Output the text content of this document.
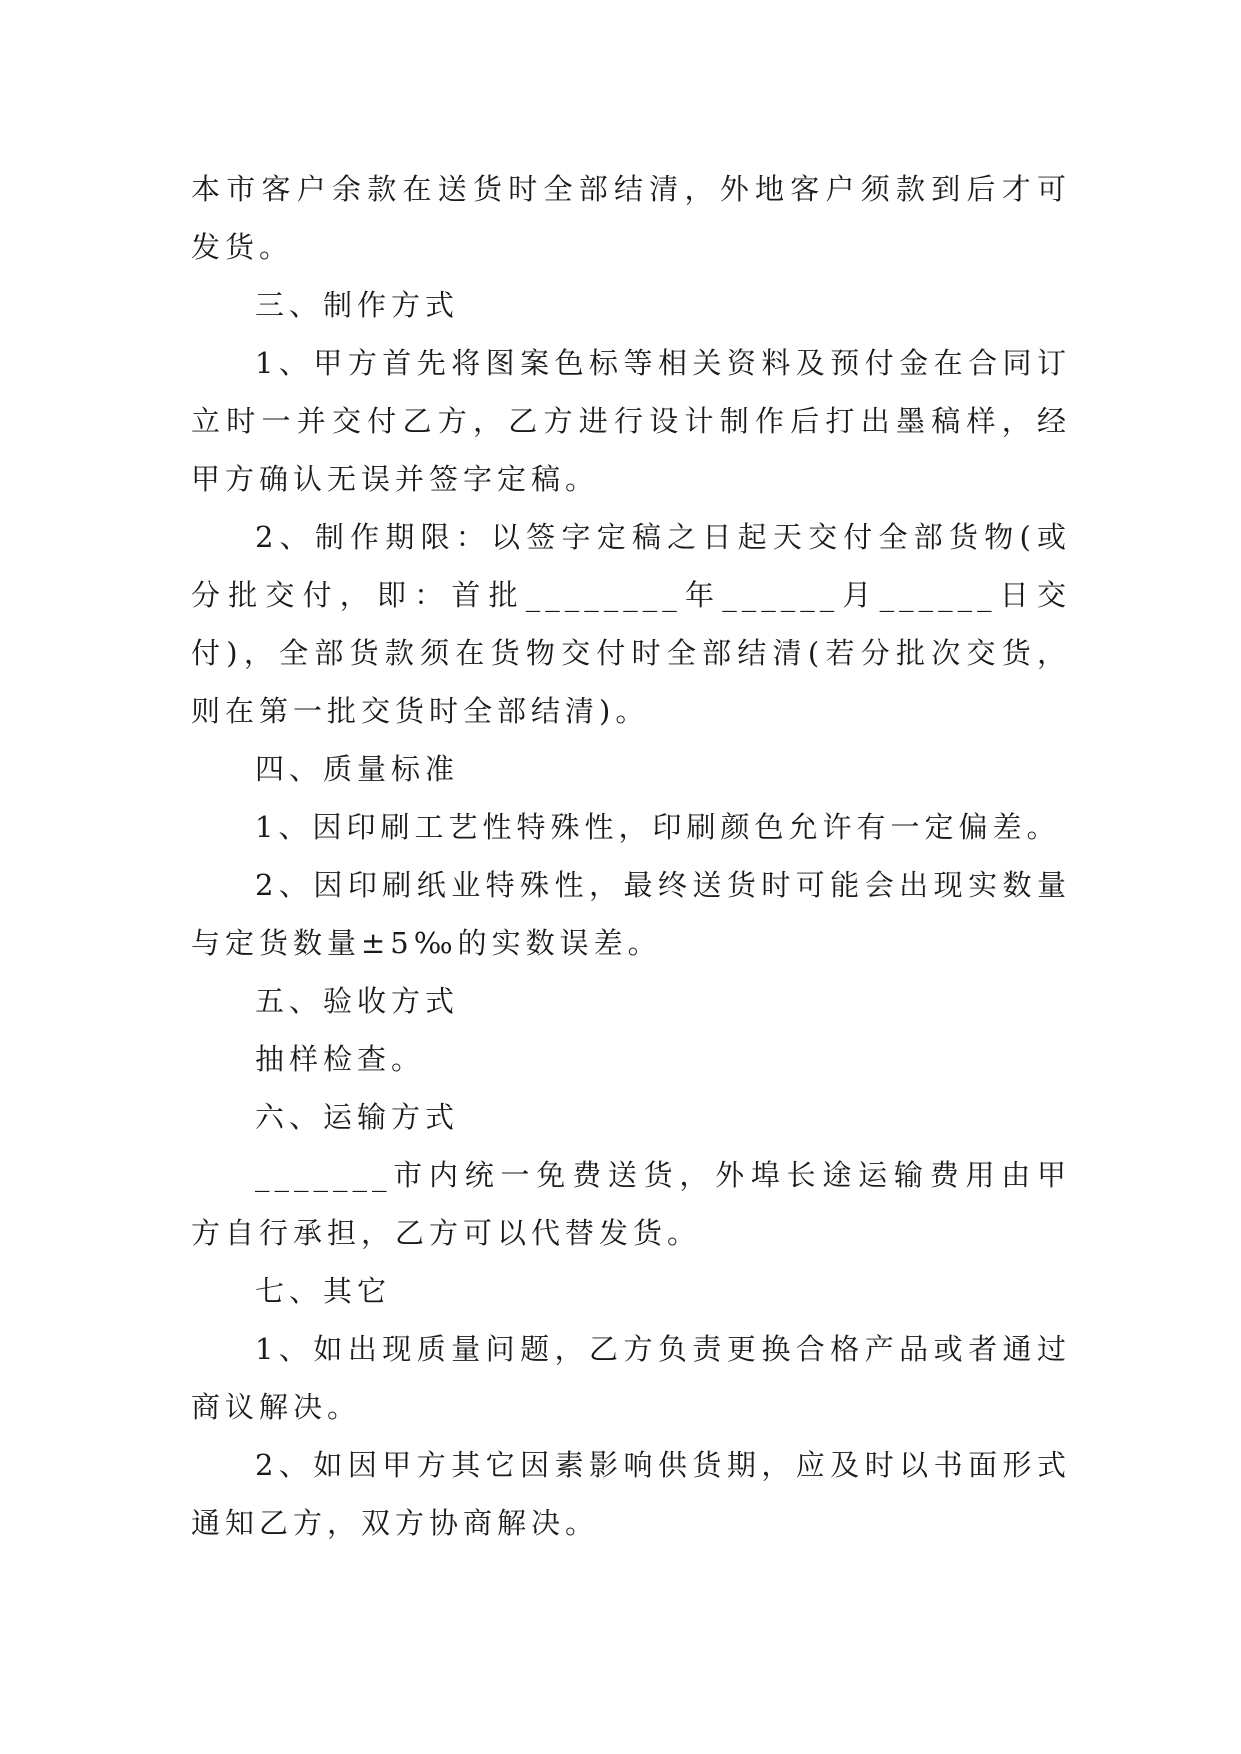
本市客户余款在送货时全部结清，外地客户须款到后才可发货。

三、制作方式

1、甲方首先将图案色标等相关资料及预付金在合同订立时一并交付乙方，乙方进行设计制作后打出墨稿样，经甲方确认无误并签字定稿。

2、制作期限：以签字定稿之日起天交付全部货物(或分批交付，即：首批________年______月______日交付)，全部货款须在货物交付时全部结清(若分批次交货，则在第一批交货时全部结清)。

四、质量标准

1、因印刷工艺性特殊性，印刷颜色允许有一定偏差。

2、因印刷纸业特殊性，最终送货时可能会出现实数量与定货数量±5‰的实数误差。

五、验收方式

抽样检查。

六、运输方式

_______市内统一免费送货，外埠长途运输费用由甲方自行承担，乙方可以代替发货。

七、其它

1、如出现质量问题，乙方负责更换合格产品或者通过商议解决。

2、如因甲方其它因素影响供货期，应及时以书面形式通知乙方，双方协商解决。
